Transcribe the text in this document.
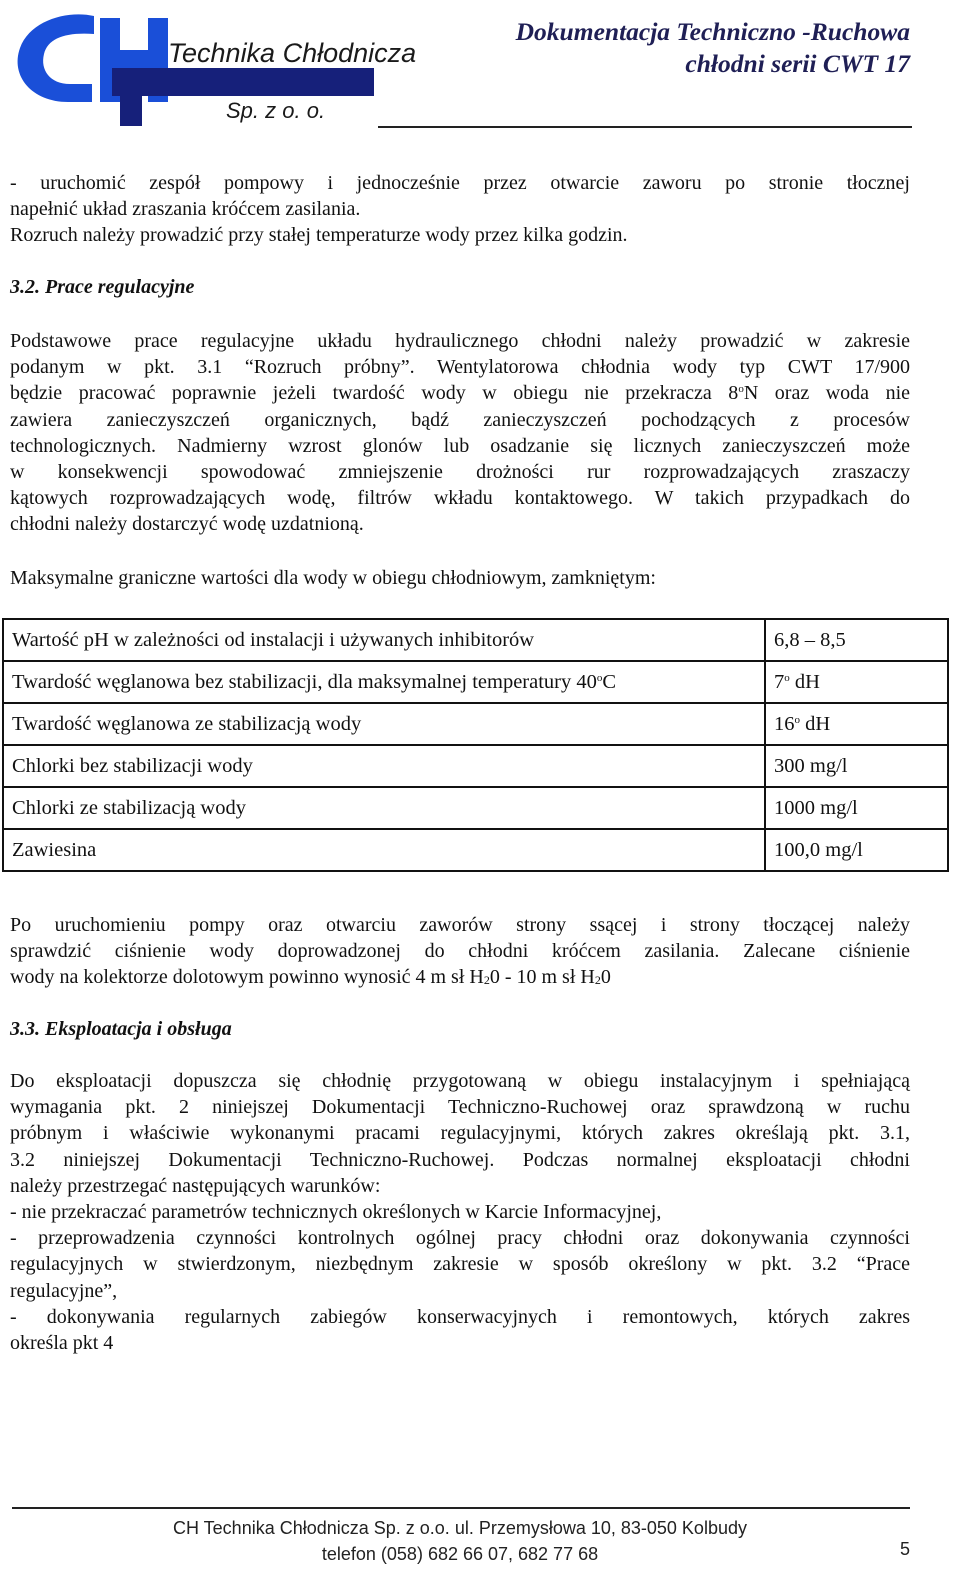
Technika Chłodnicza
Sp. z o. o.
Dokumentacja Techniczno -Ruchowa
chłodni serii CWT 17
- uruchomić zespół pompowy i jednocześnie przez otwarcie zaworu po stronie tłocznej
napełnić układ zraszania króćcem zasilania.
Rozruch należy prowadzić przy stałej temperaturze wody przez kilka godzin.
3.2. Prace regulacyjne
Podstawowe prace regulacyjne układu hydraulicznego chłodni należy prowadzić w zakresie
podanym w pkt. 3.1 “Rozruch próbny”. Wentylatorowa chłodnia wody typ CWT 17/900
będzie pracować poprawnie jeżeli twardość wody w obiegu nie przekracza 8$^o$N oraz woda nie
zawiera zanieczyszczeń organicznych, bądź zanieczyszczeń pochodzących z procesów
technologicznych. Nadmierny wzrost glonów lub osadzanie się licznych zanieczyszczeń może
w konsekwencji spowodować zmniejszenie drożności rur rozprowadzających zraszaczy
kątowych rozprowadzających wodę, filtrów wkładu kontaktowego. W takich przypadkach do
chłodni należy dostarczyć wodę uzdatnioną.
Maksymalne graniczne wartości dla wody w obiegu chłodniowym, zamkniętym:
Wartość pH w zależności od instalacji i używanych inhibitorów	6,8 – 8,5
Twardość węglanowa bez stabilizacji, dla maksymalnej temperatury 40$^o$C	7$^o$ dH
Twardość węglanowa ze stabilizacją wody	16$^o$ dH
Chlorki bez stabilizacji wody	300 mg/l
Chlorki ze stabilizacją wody	1000 mg/l
Zawiesina	100,0 mg/l
Po uruchomieniu pompy oraz otwarciu zaworów strony ssącej i strony tłoczącej należy
sprawdzić ciśnienie wody doprowadzonej do chłodni króćcem zasilania. Zalecane ciśnienie
wody na kolektorze dolotowym powinno wynosić 4 m sł $H_20 - 10$ m sł $H_20$
3.3. Eksploatacja i obsługa
Do eksploatacji dopuszcza się chłodnię przygotowaną w obiegu instalacyjnym i spełniającą
wymagania pkt. 2 niniejszej Dokumentacji Techniczno-Ruchowej oraz sprawdzoną w ruchu
próbnym i właściwie wykonanymi pracami regulacyjnymi, których zakres określają pkt. 3.1,
3.2 niniejszej Dokumentacji Techniczno-Ruchowej. Podczas normalnej eksploatacji chłodni
należy przestrzegać następujących warunków:
- nie przekraczać parametrów technicznych określonych w Karcie Informacyjnej,
- przeprowadzenia czynności kontrolnych ogólnej pracy chłodni oraz dokonywania czynności
regulacyjnych w stwierdzonym, niezbędnym zakresie w sposób określony w pkt. 3.2 “Prace
regulacyjne”,
- dokonywania regularnych zabiegów konserwacyjnych i remontowych, których zakres
określa pkt 4
CH Technika Chłodnicza Sp. z o.o. ul. Przemysłowa 10, 83-050 Kolbudy
telefon (058) 682 66 07, 682 77 68	5
